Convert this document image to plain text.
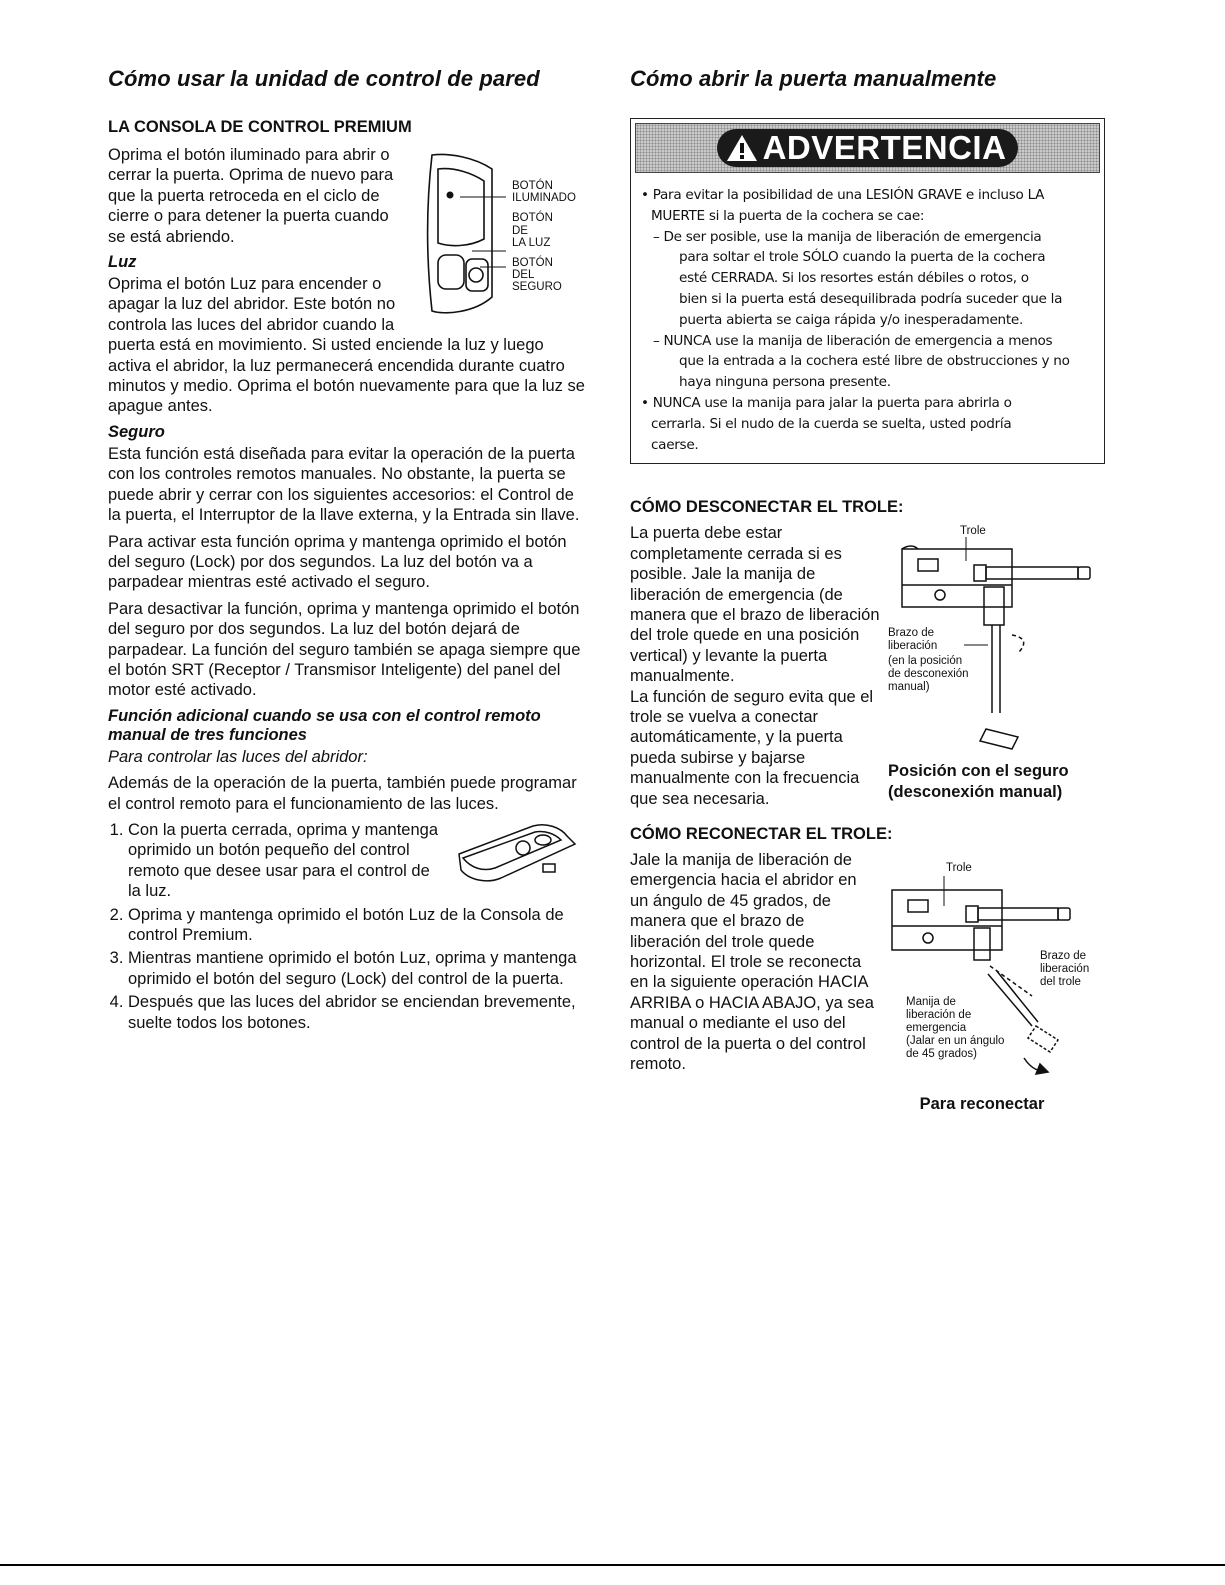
Cómo usar la unidad de control de pared
LA CONSOLA DE CONTROL PREMIUM
BOTÓN
ILUMINADO
BOTÓN
DE
LA LUZ
BOTÓN
DEL
SEGURO

Oprima el botón iluminado para abrir o cerrar la puerta. Oprima de nuevo para que la puerta retroceda en el ciclo de cierre o para detener la puerta cuando se está abriendo.

Luz

Oprima el botón Luz para encender o apagar la luz del abridor. Este botón no controla las luces del abridor cuando la puerta está en movimiento. Si usted enciende la luz y luego activa el abridor, la luz permanecerá encendida durante cuatro minutos y medio. Oprima el botón nuevamente para que la luz se apague antes.

Seguro

Esta función está diseñada para evitar la operación de la puerta con los controles remotos manuales. No obstante, la puerta se puede abrir y cerrar con los siguientes accesorios: el Control de la puerta, el Interruptor de la llave externa, y la Entrada sin llave.

Para activar esta función oprima y mantenga oprimido el botón del seguro (Lock) por dos segundos. La luz del botón va a parpadear mientras esté activado el seguro.

Para desactivar la función, oprima y mantenga oprimido el botón del seguro por dos segundos. La luz del botón dejará de parpadear. La función del seguro también se apaga siempre que el botón SRT (Receptor / Transmisor Inteligente) del panel del motor esté activado.

Función adicional cuando se usa con el control remoto manual de tres funciones

Para controlar las luces del abridor:

Además de la operación de la puerta, también puede programar el control remoto para el funcionamiento de las luces.

1. Con la puerta cerrada, oprima y mantenga oprimido un botón pequeño del control remoto que desee usar para el control de la luz.
2. Oprima y mantenga oprimido el botón Luz de la Consola de control Premium.
3. Mientras mantiene oprimido el botón Luz, oprima y mantenga oprimido el botón del seguro (Lock) del control de la puerta.
4. Después que las luces del abridor se enciendan brevemente, suelte todos los botones.
Cómo abrir la puerta manualmente
ADVERTENCIA
• Para evitar la posibilidad de una LESIÓN GRAVE e incluso LA
MUERTE si la puerta de la cochera se cae:
– De ser posible, use la manija de liberación de emergencia
para soltar el trole SÓLO cuando la puerta de la cochera
esté CERRADA. Si los resortes están débiles o rotos, o
bien si la puerta está desequilibrada podría suceder que la
puerta abierta se caiga rápida y/o inesperadamente.
– NUNCA use la manija de liberación de emergencia a menos
que la entrada a la cochera esté libre de obstrucciones y no
haya ninguna persona presente.
• NUNCA use la manija para jalar la puerta para abrirla o
cerrarla. Si el nudo de la cuerda se suelta, usted podría
caerse.
CÓMO DESCONECTAR EL TROLE:

La puerta debe estar completamente cerrada si es posible. Jale la manija de liberación de emergencia (de manera que el brazo de liberación del trole quede en una posición vertical) y levante la puerta manualmente.

La función de seguro evita que el trole se vuelva a conectar automáticamente, y la puerta pueda subirse y bajarse manualmente con la frecuencia que sea necesaria.

Trole
Brazo de
liberación
(en la posición
de desconexión
manual)
Posición con el seguro
(desconexión manual)
CÓMO RECONECTAR EL TROLE:

Jale la manija de liberación de emergencia hacia el abridor en un ángulo de 45 grados, de manera que el brazo de liberación del trole quede horizontal. El trole se reconecta en la siguiente operación HACIA ARRIBA o HACIA ABAJO, ya sea manual o mediante el uso del control de la puerta o del control remoto.

Trole
Brazo de
liberación
del trole
Manija de
liberación de
emergencia
(Jalar en un ángulo
de 45 grados)
Para reconectar
